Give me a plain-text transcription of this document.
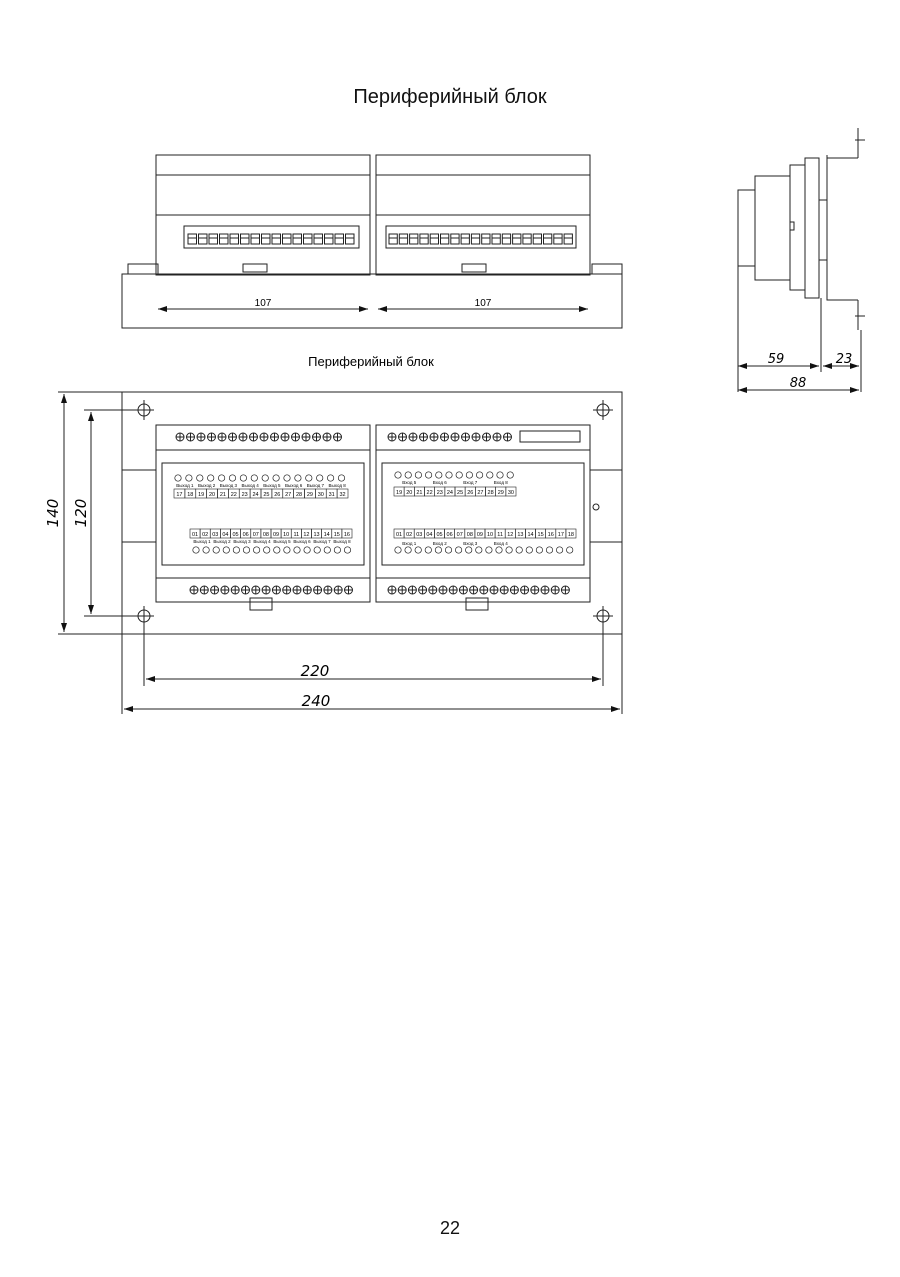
Периферийный блок
107	107
59	23
88
Периферийный блок
17 18 19 20 21 22 23 24 25 26 27 28 29 30 31 32
Выход 1 Выход 2 Выход 3 Выход 4 Выход 5 Выход 6 Выход 7 Выход 8
Выход 1 Выход 2 Выход 3 Выход 4 Выход 5 Выход 6 Выход 7 Выход 8
01 02 03 04 05 06 07 08 09 10 11 12 13 14 15 16
19 20 21 22 23 24 25 26 27 28 29 30
Вход 5	Вход 6	Вход 7	Вход 8
01 02 03 04 05 06 07 08 09 10 11 12 13 14 15 16 17 18
Вход 1	Вход 2	Вход 3	Вход 4
140 120
220
240
22
